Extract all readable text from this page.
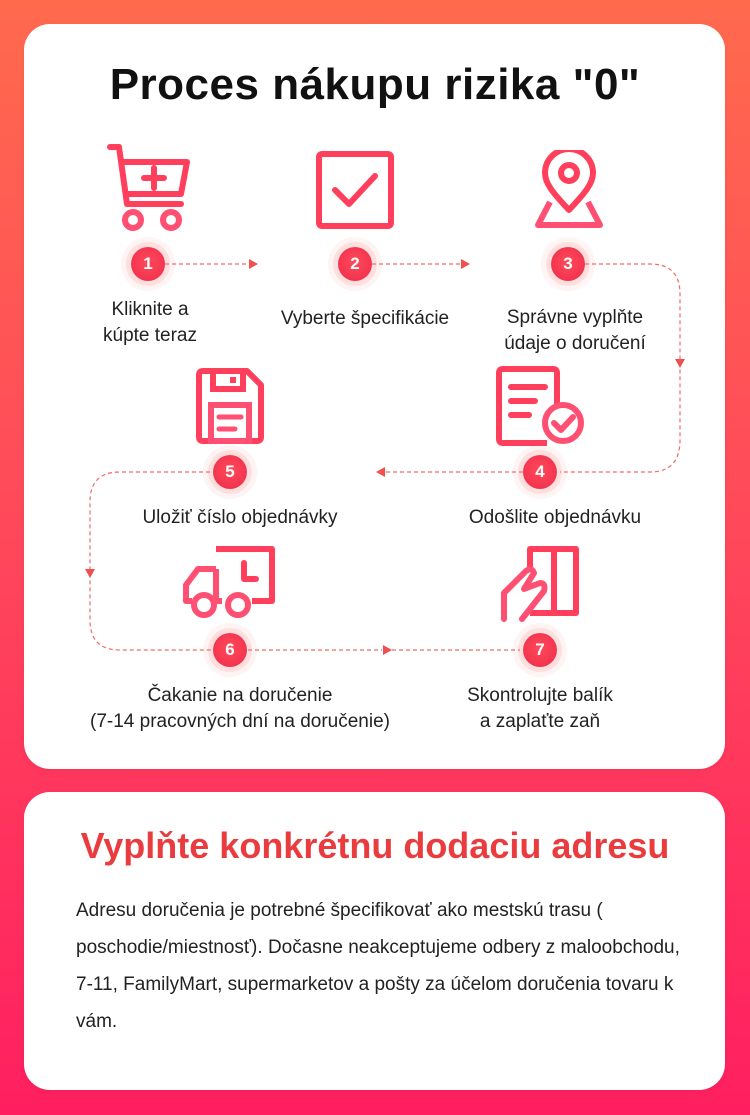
Proces nákupu rizika "0"
1	2	3
4
5
6	7
Kliknite a
kúpte teraz
Vyberte špecifikácie	Správne vyplňte
údaje o doručení
Odošlite objednávku
Uložiť číslo objednávky
Čakanie na doručenie
(7-14 pracovných dní na doručenie)
Skontrolujte balík
a zaplaťte zaň
Vyplňte konkrétnu dodaciu adresu
Adresu doručenia je potrebné špecifikovať ako mestskú trasu ( poschodie/miestnosť). Dočasne neakceptujeme odbery z maloobchodu, 7-11, FamilyMart, supermarketov a pošty za účelom doručenia tovaru k vám.
